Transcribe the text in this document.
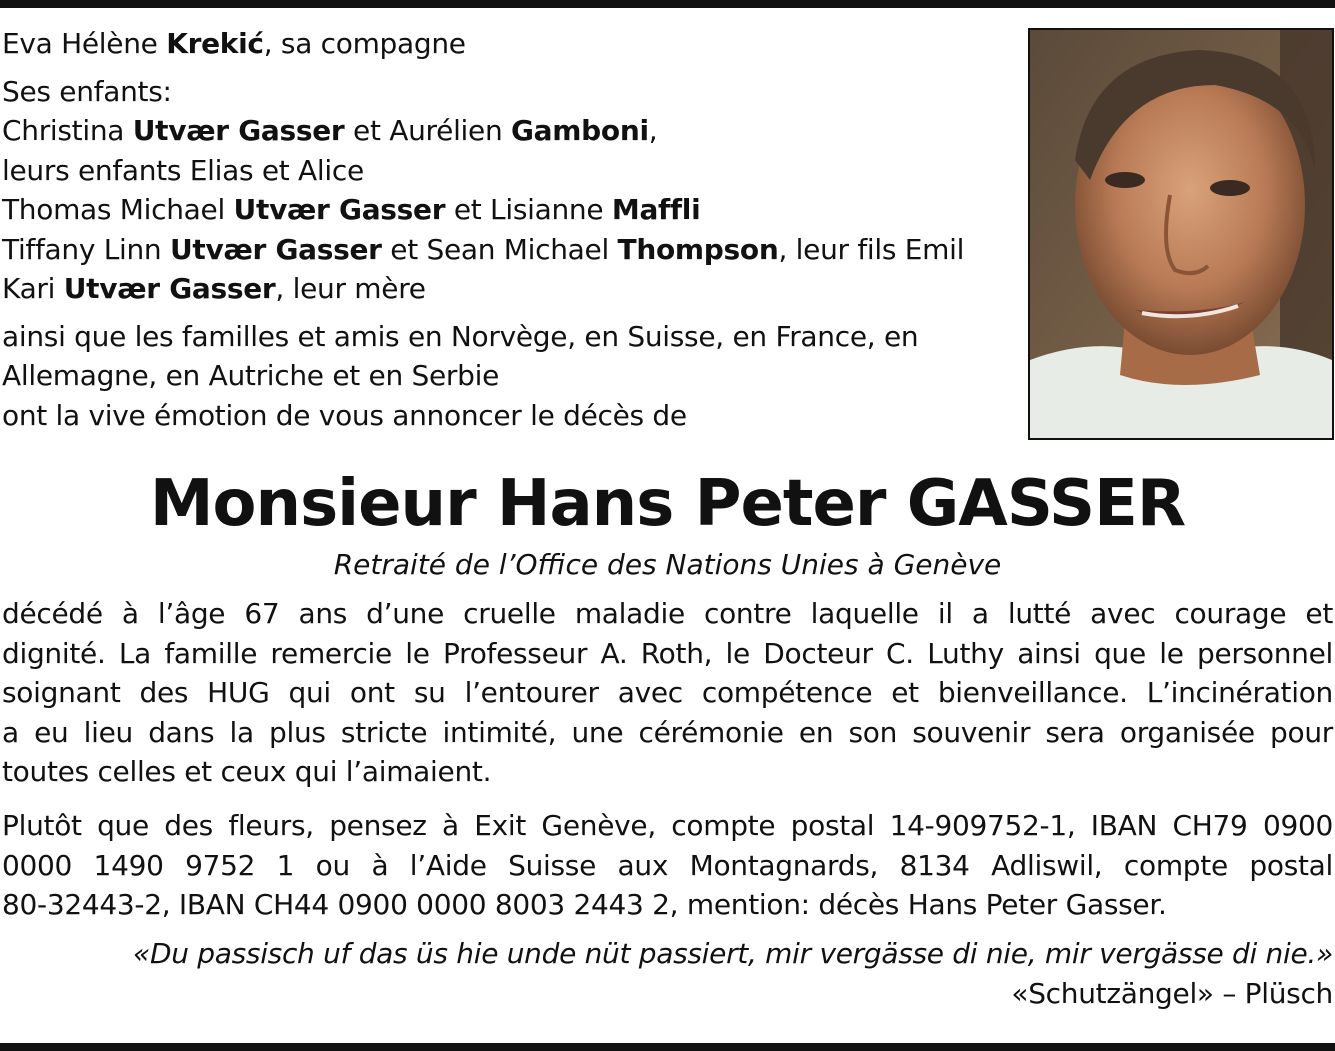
Eva Hélène Krekić, sa compagne
Ses enfants:
Christina Utvær Gasser et Aurélien Gamboni,
leurs enfants Elias et Alice
Thomas Michael Utvær Gasser et Lisianne Maffli
Tiffany Linn Utvær Gasser et Sean Michael Thompson, leur fils Emil
Kari Utvær Gasser, leur mère
ainsi que les familles et amis en Norvège, en Suisse, en France, en
Allemagne, en Autriche et en Serbie
ont la vive émotion de vous annoncer le décès de
Monsieur Hans Peter GASSER
Retraité de l’Office des Nations Unies à Genève
décédé à l’âge 67 ans d’une cruelle maladie contre laquelle il a lutté avec courage et
dignité. La famille remercie le Professeur A. Roth, le Docteur C. Luthy ainsi que le personnel
soignant des HUG qui ont su l’entourer avec compétence et bienveillance. L’incinération
a eu lieu dans la plus stricte intimité, une cérémonie en son souvenir sera organisée pour
toutes celles et ceux qui l’aimaient.
Plutôt que des fleurs, pensez à Exit Genève, compte postal 14-909752-1, IBAN CH79 0900
0000 1490 9752 1 ou à l’Aide Suisse aux Montagnards, 8134 Adliswil, compte postal
80-32443-2, IBAN CH44 0900 0000 8003 2443 2, mention: décès Hans Peter Gasser.
«Du passisch uf das üs hie unde nüt passiert, mir vergässe di nie, mir vergässe di nie.»
«Schutzängel» – Plüsch
